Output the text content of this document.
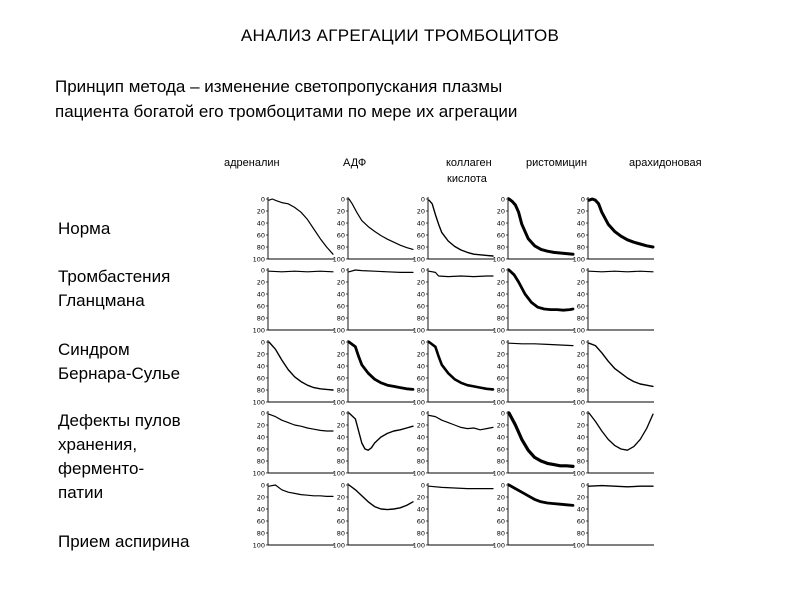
АНАЛИЗ АГРЕГАЦИИ ТРОМБОЦИТОВ
Принцип метода – изменение светопропускания плазмы
пациента богатой его тромбоцитами по мере их агрегации
адреналин	АДФ	коллаген	ристомицин	арахидоновая
кислота
Норма
Тромбастения
Гланцмана
Синдром
Бернара-Сулье
Дефекты пулов
хранения,
ферменто-
патии
Прием аспирина
0
20
40
60
80
100
0
20
40
60
80
100
0
20
40
60
80
100
0
20
40
60
80
100
0
20
40
60
80
100
0
20
40
60
80
100
0
20
40
60
80
100
0
20
40
60
80
100
0
20
40
60
80
100
0
20
40
60
80
100
0
20
40
60
80
100
0
20
40
60
80
100
0
20
40
60
80
100
0
20
40
60
80
100
0
20
40
60
80
100
0
20
40
60
80
100
0
20
40
60
80
100
0
20
40
60
80
100
0
20
40
60
80
100
0
20
40
60
80
100
0
20
40
60
80
100
0
20
40
60
80
100
0
20
40
60
80
100
0
20
40
60
80
100
0
20
40
60
80
100
